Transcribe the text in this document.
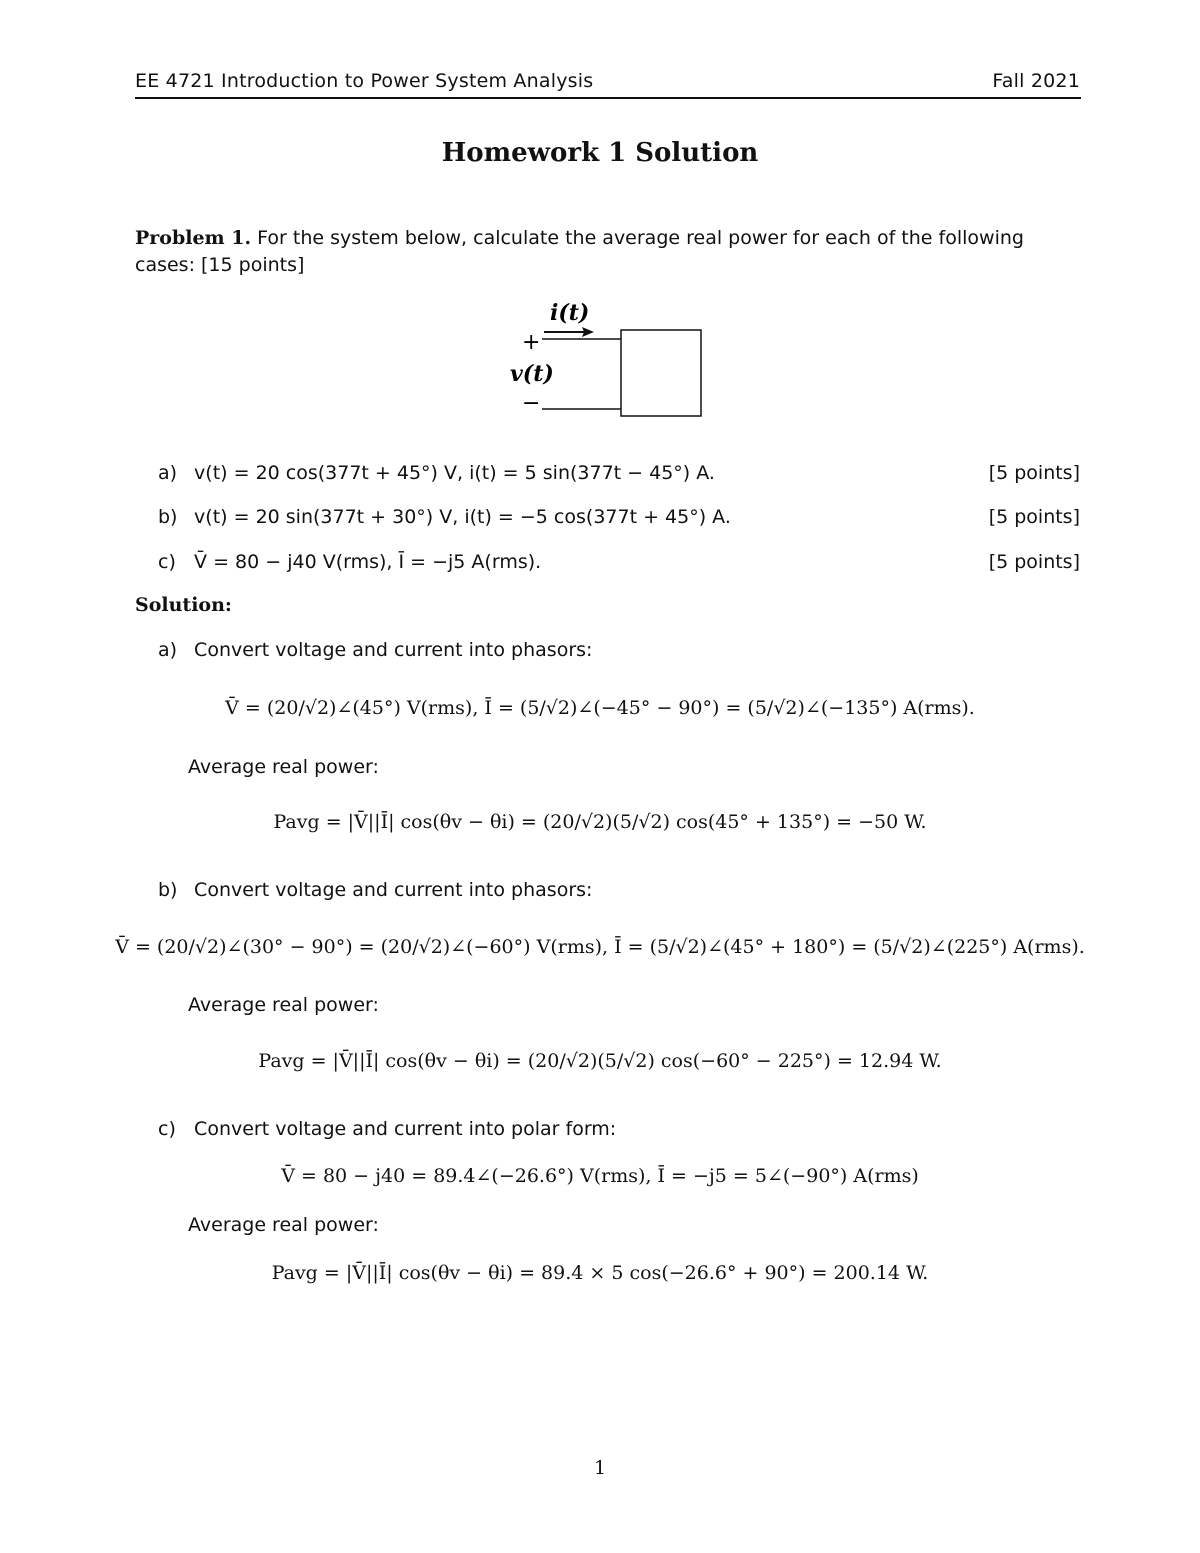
EE 4721 Introduction to Power System Analysis	Fall 2021
Homework 1 Solution
Problem 1. For the system below, calculate the average real power for each of the following cases: [15 points]
i(t)
+
v(t)
−
a) v(t) = 20 cos(377t + 45°) V, i(t) = 5 sin(377t − 45°) A.	[5 points]
b) v(t) = 20 sin(377t + 30°) V, i(t) = −5 cos(377t + 45°) A.	[5 points]
c) V̄ = 80 − j40 V(rms), Ī = −j5 A(rms).	[5 points]
Solution:
a) Convert voltage and current into phasors:
V̄ = (20/√2)∠(45°) V(rms), Ī = (5/√2)∠(−45° − 90°) = (5/√2)∠(−135°) A(rms).
Average real power:
Pavg = |V̄||Ī| cos(θv − θi) = (20/√2)(5/√2) cos(45° + 135°) = −50 W.
b) Convert voltage and current into phasors:
V̄ = (20/√2)∠(30° − 90°) = (20/√2)∠(−60°) V(rms), Ī = (5/√2)∠(45° + 180°) = (5/√2)∠(225°) A(rms).
Average real power:
Pavg = |V̄||Ī| cos(θv − θi) = (20/√2)(5/√2) cos(−60° − 225°) = 12.94 W.
c) Convert voltage and current into polar form:
V̄ = 80 − j40 = 89.4∠(−26.6°) V(rms), Ī = −j5 = 5∠(−90°) A(rms)
Average real power:
Pavg = |V̄||Ī| cos(θv − θi) = 89.4 × 5 cos(−26.6° + 90°) = 200.14 W.
1
